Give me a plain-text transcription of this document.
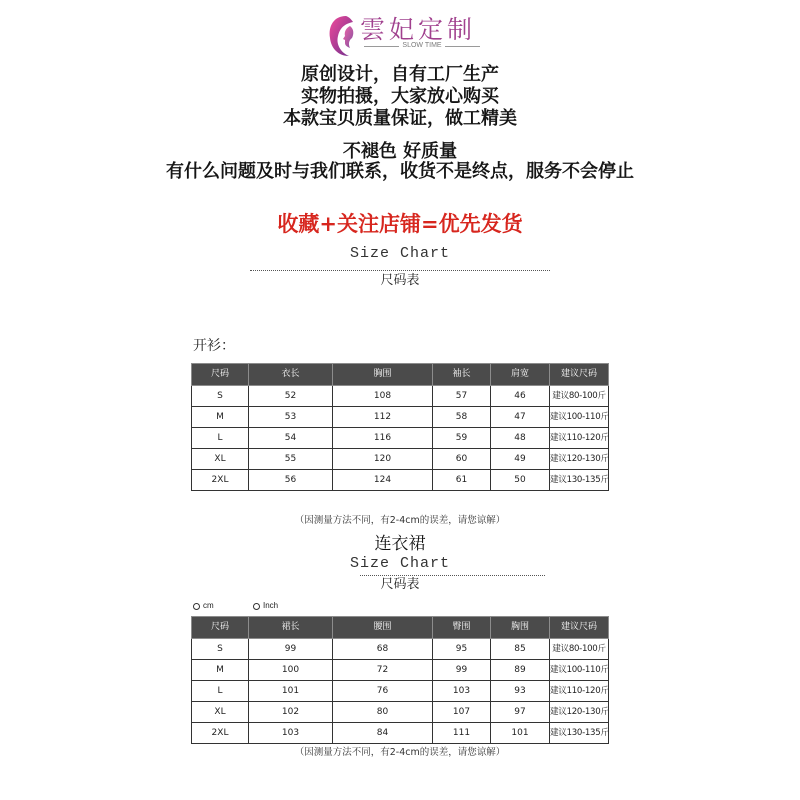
雲妃定制
SLOW TIME
原创设计，自有工厂生产
实物拍摄，大家放心购买
本款宝贝质量保证，做工精美
不褪色 好质量
有什么问题及时与我们联系，收货不是终点，服务不会停止
收藏+关注店铺=优先发货
Size Chart
尺码表
开衫：
尺码	衣长	胸围	袖长	肩宽	建议尺码
S	52	108	57	46	建议80-100斤
M	53	112	58	47	建议100-110斤
L	54	116	59	48	建议110-120斤
XL	55	120	60	49	建议120-130斤
2XL	56	124	61	50	建议130-135斤
（因测量方法不同，有2-4cm的误差，请您谅解）
连衣裙
Size Chart
尺码表
cm	Inch
尺码	裙长	腰围	臀围	胸围	建议尺码
S	99	68	95	85	建议80-100斤
M	100	72	99	89	建议100-110斤
L	101	76	103	93	建议110-120斤
XL	102	80	107	97	建议120-130斤
2XL	103	84	111	101	建议130-135斤
（因测量方法不同，有2-4cm的误差，请您谅解）
